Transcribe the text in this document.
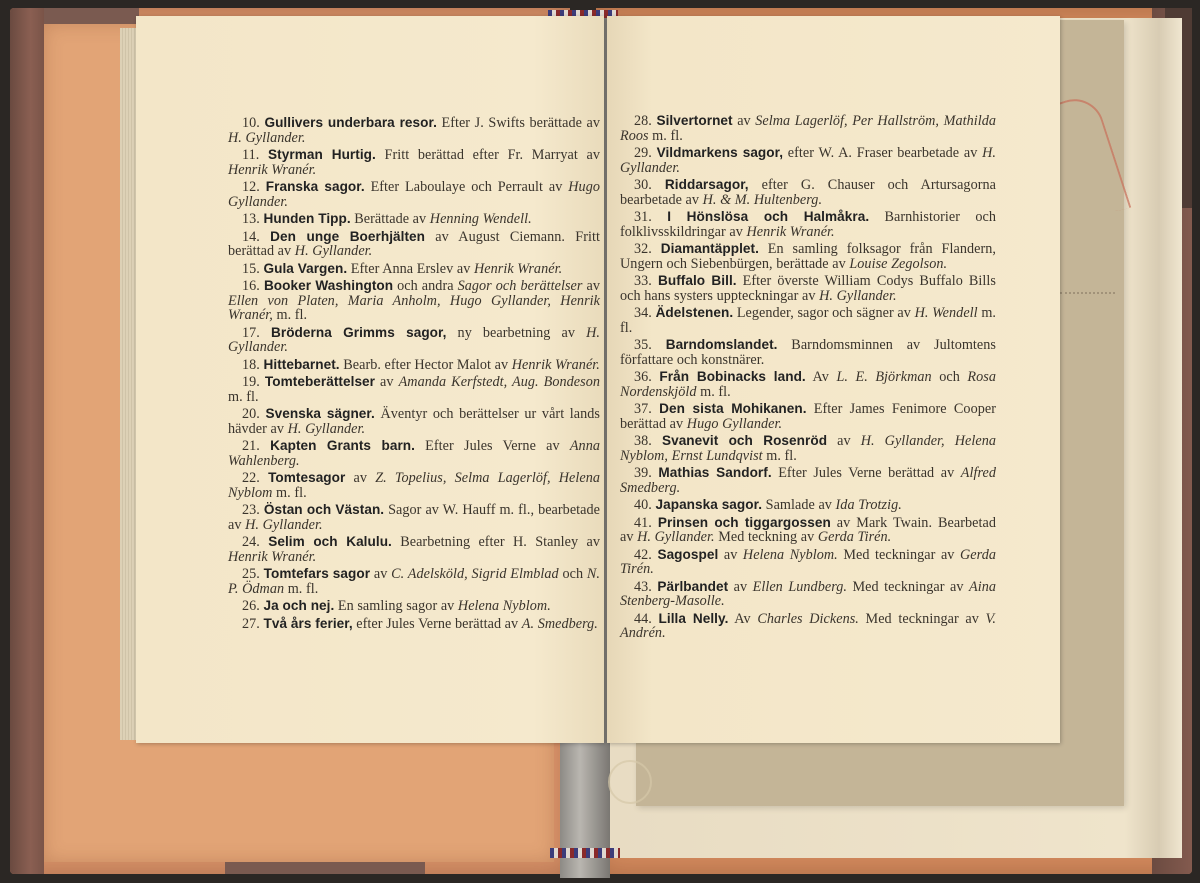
10. Gullivers underbara resor. Efter J. Swifts berättade av H. Gyllander.
11. Styrman Hurtig. Fritt berättad efter Fr. Marryat av Henrik Wranér.
12. Franska sagor. Efter Laboulaye och Perrault av Hugo Gyllander.
13. Hunden Tipp. Berättade av Henning Wendell.
14. Den unge Boerhjälten av August Ciemann. Fritt berättad av H. Gyllander.
15. Gula Vargen. Efter Anna Erslev av Henrik Wranér.
16. Booker Washington och andra Sagor och berättelser av Ellen von Platen, Maria Anholm, Hugo Gyllander, Henrik Wranér, m. fl.
17. Bröderna Grimms sagor, ny bearbetning av H. Gyllander.
18. Hittebarnet. Bearb. efter Hector Malot av Henrik Wranér.
19. Tomteberättelser av Amanda Kerfstedt, Aug. Bondeson m. fl.
20. Svenska sägner. Äventyr och berättelser ur vårt lands hävder av H. Gyllander.
21. Kapten Grants barn. Efter Jules Verne av Anna Wahlenberg.
22. Tomtesagor av Z. Topelius, Selma Lagerlöf, Helena Nyblom m. fl.
23. Östan och Västan. Sagor av W. Hauff m. fl., bearbetade av H. Gyllander.
24. Selim och Kalulu. Bearbetning efter H. Stanley av Henrik Wranér.
25. Tomtefars sagor av C. Adelsköld, Sigrid Elmblad och N. P. Ödman m. fl.
26. Ja och nej. En samling sagor av Helena Nyblom.
27. Två års ferier, efter Jules Verne berättad av A. Smedberg.
28. Silvertornet av Selma Lagerlöf, Per Hallström, Mathilda Roos m. fl.
29. Vildmarkens sagor, efter W. A. Fraser bearbetade av H. Gyllander.
30. Riddarsagor, efter G. Chauser och Artursagorna bearbetade av H. & M. Hultenberg.
31. I Hönslösa och Halmåkra. Barnhistorier och folklivsskildringar av Henrik Wranér.
32. Diamantäpplet. En samling folksagor från Flandern, Ungern och Siebenbürgen, berättade av Louise Zegolson.
33. Buffalo Bill. Efter överste William Codys Buffalo Bills och hans systers uppteckningar av H. Gyllander.
34. Ädelstenen. Legender, sagor och sägner av H. Wendell m. fl.
35. Barndomslandet. Barndomsminnen av Jultomtens författare och konstnärer.
36. Från Bobinacks land. Av L. E. Björkman och Rosa Nordenskjöld m. fl.
37. Den sista Mohikanen. Efter James Fenimore Cooper berättad av Hugo Gyllander.
38. Svanevit och Rosenröd av H. Gyllander, Helena Nyblom, Ernst Lundqvist m. fl.
39. Mathias Sandorf. Efter Jules Verne berättad av Alfred Smedberg.
40. Japanska sagor. Samlade av Ida Trotzig.
41. Prinsen och tiggargossen av Mark Twain. Bearbetad av H. Gyllander. Med teckning av Gerda Tirén.
42. Sagospel av Helena Nyblom. Med teckningar av Gerda Tirén.
43. Pärlbandet av Ellen Lundberg. Med teckningar av Aina Stenberg-Masolle.
44. Lilla Nelly. Av Charles Dickens. Med teckningar av V. Andrén.
